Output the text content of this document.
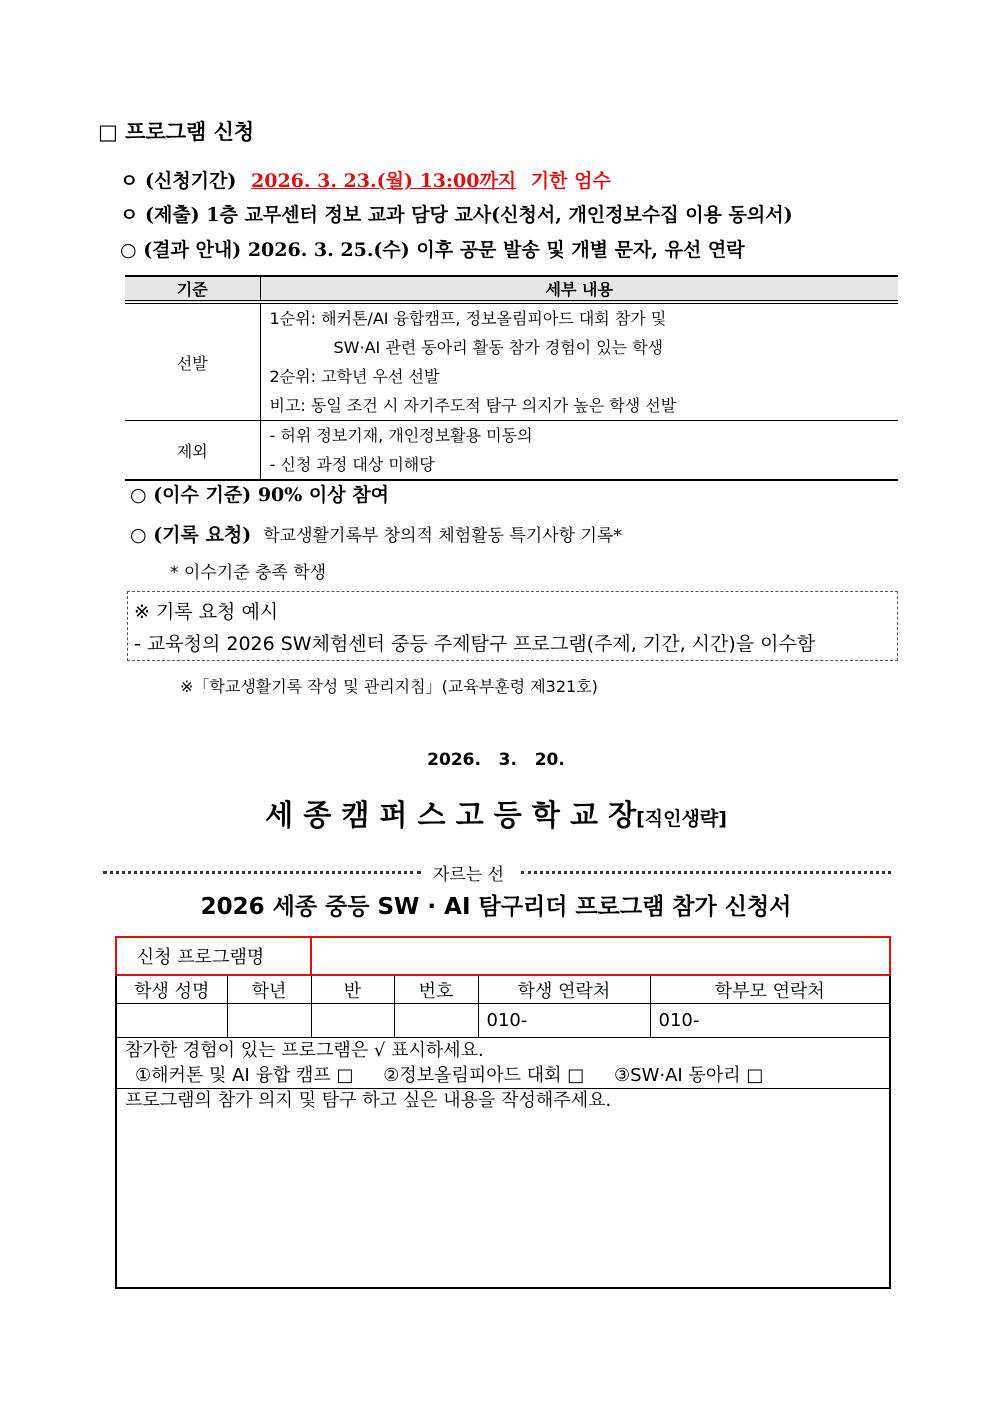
□ 프로그램 신청
ㅇ (신청기간) 2026. 3. 23.(월) 13:00까지 기한 엄수
ㅇ (제출) 1층 교무센터 정보 교과 담당 교사(신청서, 개인정보수집 이용 동의서)
○ (결과 안내) 2026. 3. 25.(수) 이후 공문 발송 및 개별 문자, 유선 연락
기준	세부 내용
선발	1순위: 해커톤/AI 융합캠프, 정보올림피아드 대회 참가 및
SW·AI 관련 동아리 활동 참가 경험이 있는 학생
2순위: 고학년 우선 선발
비고: 동일 조건 시 자기주도적 탐구 의지가 높은 학생 선발

제외	- 허위 정보기재, 개인정보활용 미동의
- 신청 과정 대상 미해당
○ (이수 기준) 90% 이상 참여
○ (기록 요청) 학교생활기록부 창의적 체험활동 특기사항 기록*
* 이수기준 충족 학생
※ 기록 요청 예시
- 교육청의 2026 SW체험센터 중등 주제탐구 프로그램(주제, 기간, 시간)을 이수함
※「학교생활기록 작성 및 관리지침」(교육부훈령 제321호)
2026.   3.   20.
세 종 캠 퍼 스 고 등 학 교 장[직인생략]
자르는 선
2026 세종 중등 SW · AI 탐구리더 프로그램 참가 신청서
신청 프로그램명					
학생 성명	학년	반	번호	학생 연락처	학부모 연락처
				010-	010-

참가한 경험이 있는 프로그램은 √ 표시하세요.
①해커톤 및 AI 융합 캠프 □ ②정보올림피아드 대회 □ ③SW·AI 동아리 □					

프로그램의 참가 의지 및 탐구 하고 싶은 내용을 작성해주세요.					
